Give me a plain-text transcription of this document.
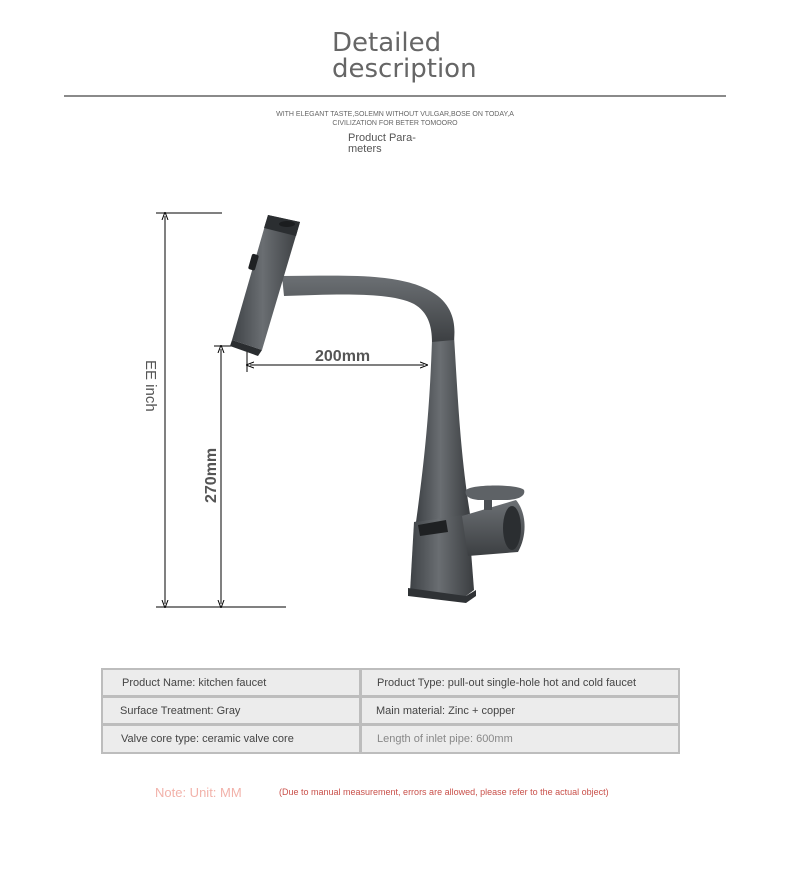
Detailed
description
WITH ELEGANT TASTE,SOLEMN WITHOUT VULGAR,BOSE ON TODAY,A
CIVILIZATION FOR BETER TOMOORO
Product Para-
meters
EE inch
270mm
200mm
Product Name: kitchen faucet	Product Type: pull-out single-hole hot and cold faucet
Surface Treatment: Gray	Main material: Zinc + copper
Valve core type: ceramic valve core	Length of inlet pipe: 600mm
Note: Unit: MM	(Due to manual measurement, errors are allowed, please refer to the actual object)
